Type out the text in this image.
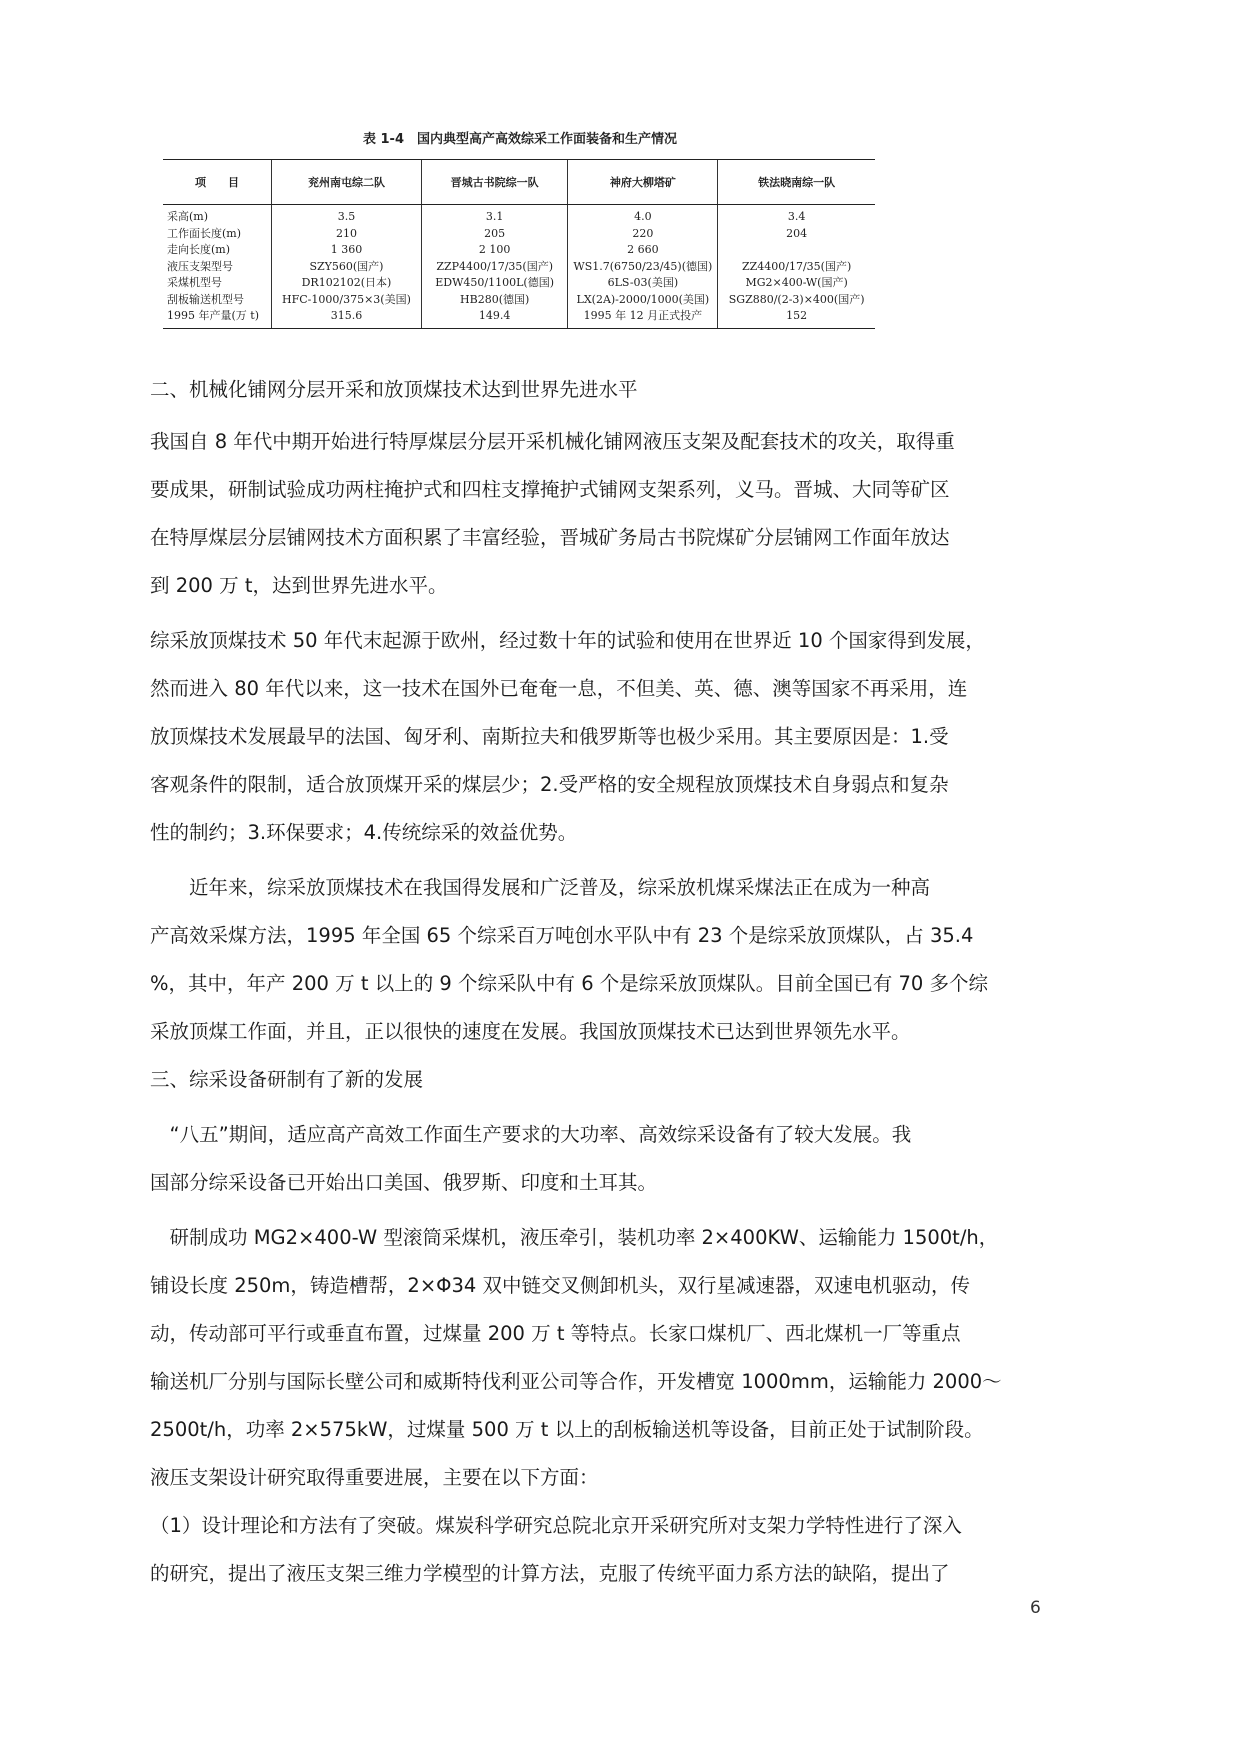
表 1-4　国内典型高产高效综采工作面装备和生产情况
项　　目	兖州南屯综二队	晋城古书院综一队	神府大柳塔矿	铁法晓南综一队
采高(m)	3.5	3.1	4.0	3.4
工作面长度(m)	210	205	220	204
走向长度(m)	1 360	2 100	2 660	
液压支架型号	SZY560(国产)	ZZP4400/17/35(国产)	WS1.7(6750/23/45)(德国)	ZZ4400/17/35(国产)
采煤机型号	DR102102(日本)	EDW450/1100L(德国)	6LS-03(美国)	MG2×400-W(国产)
刮板输送机型号	HFC-1000/375×3(美国)	HB280(德国)	LX(2A)-2000/1000(美国)	SGZ880/(2-3)×400(国产)
1995 年产量(万 t)	315.6	149.4	1995 年 12 月正式投产	152
二、机械化铺网分层开采和放顶煤技术达到世界先进水平
我国自 8 年代中期开始进行特厚煤层分层开采机械化铺网液压支架及配套技术的攻关，取得重
要成果，研制试验成功两柱掩护式和四柱支撑掩护式铺网支架系列，义马。晋城、大同等矿区
在特厚煤层分层铺网技术方面积累了丰富经验，晋城矿务局古书院煤矿分层铺网工作面年放达
到 200 万 t，达到世界先进水平。
综采放顶煤技术 50 年代末起源于欧州，经过数十年的试验和使用在世界近 10 个国家得到发展，
然而进入 80 年代以来，这一技术在国外已奄奄一息，不但美、英、德、澳等国家不再采用，连
放顶煤技术发展最早的法国、匈牙利、南斯拉夫和俄罗斯等也极少采用。其主要原因是：1.受
客观条件的限制，适合放顶煤开采的煤层少；2.受严格的安全规程放顶煤技术自身弱点和复杂
性的制约；3.环保要求；4.传统综采的效益优势。
　　近年来，综采放顶煤技术在我国得发展和广泛普及，综采放机煤采煤法正在成为一种高
产高效采煤方法，1995 年全国 65 个综采百万吨创水平队中有 23 个是综采放顶煤队，占 35.4
%，其中，年产 200 万 t 以上的 9 个综采队中有 6 个是综采放顶煤队。目前全国已有 70 多个综
采放顶煤工作面，并且，正以很快的速度在发展。我国放顶煤技术已达到世界领先水平。
三、综采设备研制有了新的发展
　“八五”期间，适应高产高效工作面生产要求的大功率、高效综采设备有了较大发展。我
国部分综采设备已开始出口美国、俄罗斯、印度和土耳其。
　研制成功 MG2×400-W 型滚筒采煤机，液压牵引，装机功率 2×400KW、运输能力 1500t/h，
铺设长度 250m，铸造槽帮，2×Φ34 双中链交叉侧卸机头，双行星减速器，双速电机驱动，传
动，传动部可平行或垂直布置，过煤量 200 万 t 等特点。长家口煤机厂、西北煤机一厂等重点
输送机厂分别与国际长壁公司和威斯特伐利亚公司等合作，开发槽宽 1000mm，运输能力 2000～
2500t/h，功率 2×575kW，过煤量 500 万 t 以上的刮板输送机等设备，目前正处于试制阶段。
液压支架设计研究取得重要进展，主要在以下方面：
（1）设计理论和方法有了突破。煤炭科学研究总院北京开采研究所对支架力学特性进行了深入
的研究，提出了液压支架三维力学模型的计算方法，克服了传统平面力系方法的缺陷，提出了
6
